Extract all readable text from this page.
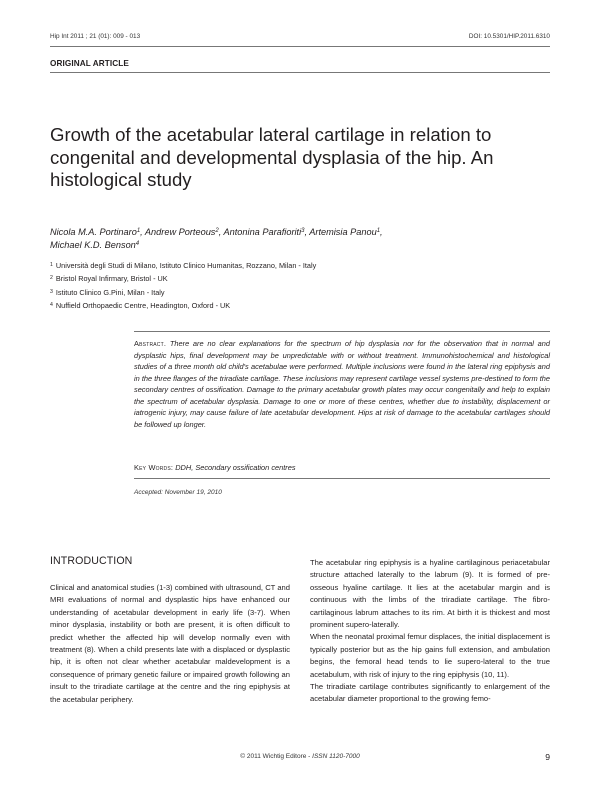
Hip Int 2011 ; 21 (01): 009 - 013	DOI: 10.5301/HIP.2011.6310
ORIGINAL ARTICLE
Growth of the acetabular lateral cartilage in relation to congenital and developmental dysplasia of the hip. An histological study
Nicola M.A. Portinaro$^1$, Andrew Porteous$^2$, Antonina Parafioriti$^3$, Artemisia Panou$^1$,
Michael K.D. Benson$^4$
$^1$ Università degli Studi di Milano, Istituto Clinico Humanitas, Rozzano, Milan - Italy
$^2$ Bristol Royal Infirmary, Bristol - UK
$^3$ Istituto Clinico G.Pini, Milan - Italy
$^4$ Nuffield Orthopaedic Centre, Headington, Oxford - UK
Abstract. There are no clear explanations for the spectrum of hip dysplasia nor for the observation that in normal and dysplastic hips, final development may be unpredictable with or without treatment. Immunohistochemical and histological studies of a three month old child's acetabulae were performed. Multiple inclusions were found in the lateral ring epiphysis and in the three flanges of the triradiate cartilage. These inclusions may represent cartilage vessel systems pre-destined to form the secondary centres of ossification. Damage to the primary acetabular growth plates may occur congenitally and help to explain the spectrum of acetabular dysplasia. Damage to one or more of these centres, whether due to instability, displacement or iatrogenic injury, may cause failure of late acetabular development. Hips at risk of damage to the acetabular cartilages should be followed up longer.
Key Words: DDH, Secondary ossification centres
Accepted: November 19, 2010
INTRODUCTION

Clinical and anatomical studies (1-3) combined with ultrasound, CT and MRI evaluations of normal and dysplastic hips have enhanced our understanding of acetabular development in early life (3-7). When minor dysplasia, instability or both are present, it is often difficult to predict whether the affected hip will develop normally even with treatment (8). When a child presents late with a displaced or dysplastic hip, it is often not clear whether acetabular maldevelopment is a consequence of primary genetic failure or impaired growth following an insult to the triradiate cartilage at the centre and the ring epiphysis at the acetabular periphery.

The acetabular ring epiphysis is a hyaline cartilaginous periacetabular structure attached laterally to the labrum (9). It is formed of pre-osseous hyaline cartilage. It lies at the acetabular margin and is continuous with the limbs of the triradiate cartilage. The fibro-cartilaginous labrum attaches to its rim. At birth it is thickest and most prominent supero-laterally.

When the neonatal proximal femur displaces, the initial displacement is typically posterior but as the hip gains full extension, and ambulation begins, the femoral head tends to lie supero-lateral to the true acetabulum, with risk of injury to the ring epiphysis (10, 11).

The triradiate cartilage contributes significantly to enlargement of the acetabular diameter proportional to the growing femo-

© 2011 Wichtig Editore - ISSN 1120-7000	9
